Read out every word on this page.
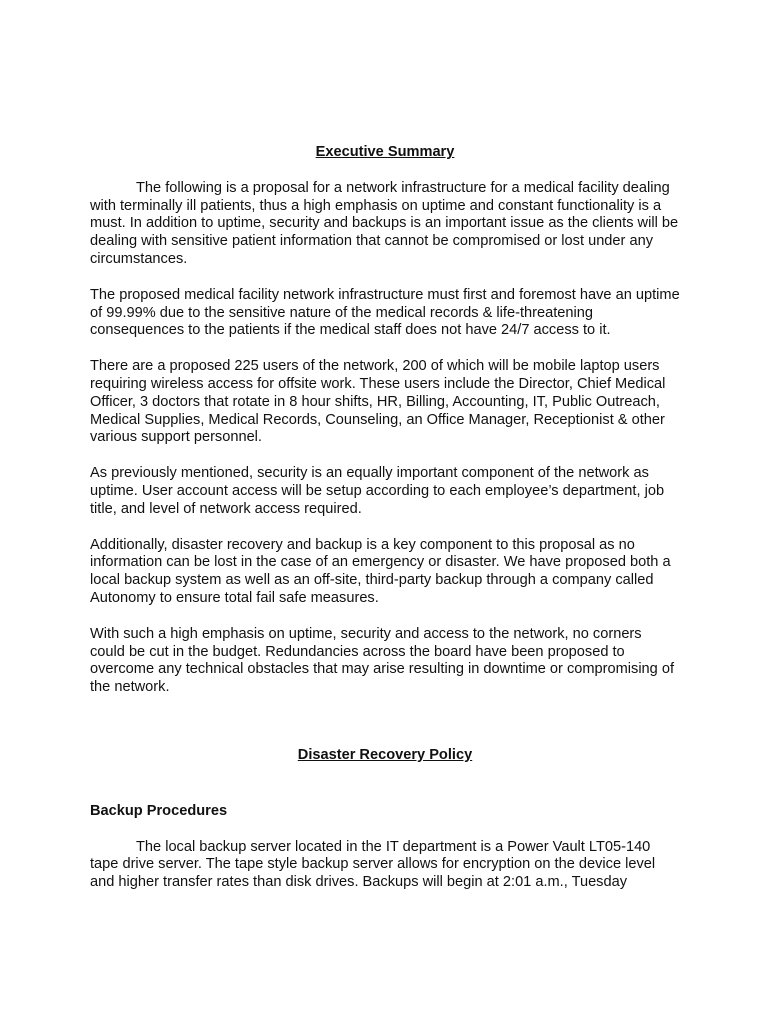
Executive Summary

The following is a proposal for a network infrastructure for a medical facility dealing with terminally ill patients, thus a high emphasis on uptime and constant functionality is a must. In addition to uptime, security and backups is an important issue as the clients will be dealing with sensitive patient information that cannot be compromised or lost under any circumstances.

The proposed medical facility network infrastructure must first and foremost have an uptime of 99.99% due to the sensitive nature of the medical records & life-threatening consequences to the patients if the medical staff does not have 24/7 access to it.

There are a proposed 225 users of the network, 200 of which will be mobile laptop users requiring wireless access for offsite work. These users include the Director, Chief Medical Officer, 3 doctors that rotate in 8 hour shifts, HR, Billing, Accounting, IT, Public Outreach, Medical Supplies, Medical Records, Counseling, an Office Manager, Receptionist & other various support personnel.

As previously mentioned, security is an equally important component of the network as uptime. User account access will be setup according to each employee’s department, job title, and level of network access required.

Additionally, disaster recovery and backup is a key component to this proposal as no information can be lost in the case of an emergency or disaster. We have proposed both a local backup system as well as an off-site, third-party backup through a company called Autonomy to ensure total fail safe measures.

With such a high emphasis on uptime, security and access to the network, no corners could be cut in the budget. Redundancies across the board have been proposed to overcome any technical obstacles that may arise resulting in downtime or compromising of the network.

Disaster Recovery Policy

Backup Procedures

The local backup server located in the IT department is a Power Vault LT05-140 tape drive server. The tape style backup server allows for encryption on the device level and higher transfer rates than disk drives. Backups will begin at 2:01 a.m., Tuesday
